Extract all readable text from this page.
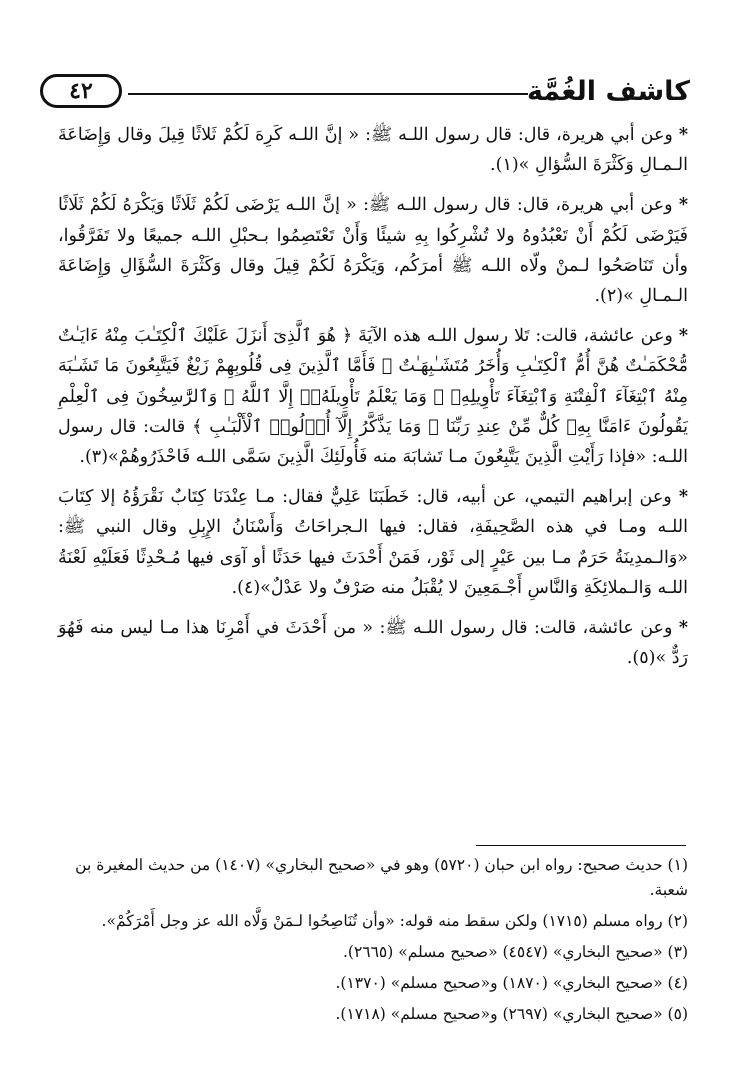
٤٢	كاشف الغُمَّة

* وعن أبي هريرة، قال: قال رسول اللـه ﷺ: « إنَّ اللـه كَرِهَ لَكُمْ ثَلاثًا قِيلَ وقال وَإِضَاعَةَ الـمـالِ وَكَثْرَةَ السُّؤالِ »(١).

* وعن أبي هريرة، قال: قال رسول اللـه ﷺ: « إنَّ اللـه يَرْضَى لَكُمْ ثَلَاثًا وَيَكْرَهُ لَكُمْ ثَلَاثًا فَيَرْضَى لَكُمْ أَنْ تَعْبُدُوهُ ولا تُشْرِكُوا بِهِ شيئًا وَأَنْ تَعْتَصِمُوا بـحبْلِ اللـه جميعًا ولا تَفَرَّقُوا، وأن تَنَاصَحُوا لـمنْ ولّاه اللـه ﷺ أمرَكُم، وَيَكْرَهُ لَكُمْ قِيلَ وقال وَكَثْرَةَ السُّؤَالِ وَإِضَاعَةَ الـمـالِ »(٢).

* وعن عائشة، قالت: تَلا رسول اللـه هذه الآيَةَ ﴿ هُوَ ٱلَّذِىٓ أَنزَلَ عَلَيْكَ ٱلْكِتَـٰبَ مِنْهُ ءَايَـٰتٌ مُّحْكَمَـٰتٌ هُنَّ أُمُّ ٱلْكِتَـٰبِ وَأُخَرُ مُتَشَـٰبِهَـٰتٌ ۖ فَأَمَّا ٱلَّذِينَ فِى قُلُوبِهِمْ زَيْغٌ فَيَتَّبِعُونَ مَا تَشَـٰبَهَ مِنْهُ ٱبْتِغَآءَ ٱلْفِتْنَةِ وَٱبْتِغَآءَ تَأْوِيلِهِۦ ۗ وَمَا يَعْلَمُ تَأْوِيلَهُۥٓ إِلَّا ٱللَّهُ ۗ وَٱلرَّٰسِخُونَ فِى ٱلْعِلْمِ يَقُولُونَ ءَامَنَّا بِهِۦ كُلٌّ مِّنْ عِندِ رَبِّنَا ۗ وَمَا يَذَّكَّرُ إِلَّآ أُو۟لُوا۟ ٱلْأَلْبَـٰبِ ﴾ قالت: قال رسول اللـه: «فإذا رَأَيْتِ الَّذِينَ يَتَّبِعُونَ مـا تَشابَهَ منه فَأُولَئِكَ الَّذِينَ سَمَّى اللـه فَاحْذَرُوهُمْ»(٣).

* وعن إبراهيم التيمي، عن أبيه، قال: خَطَبَنَا عَلِيٌّ فقال: مـا عِنْدَنَا كِتَابٌ نَقْرَؤُهُ إلا كِتَابَ اللـه ومـا في هذه الصَّحِيفَةِ، فقال: فيها الـجراحَاتُ وَأَسْنَانُ الإِبِلِ وقال النبي ﷺ: «وَالـمدِينَةُ حَرَمٌ مـا بين عَيْرٍ إلى ثَوْر، فَمَنْ أَحْدَثَ فيها حَدَثًا أو آوَى فيها مُـحْدِثًا فَعَلَيْهِ لَعْنَةُ اللـه وَالـملائِكَةِ وَالنَّاسِ أَجْـمَعِينَ لا يُقْبَلُ منه صَرْفٌ ولا عَدْلٌ»(٤).

* وعن عائشة، قالت: قال رسول اللـه ﷺ: « من أَحْدَثَ في أَمْرِنَا هذا مـا ليس منه فَهُوَ رَدٌّ »(٥).

(١) حديث صحيح: رواه ابن حبان (٥٧٢٠) وهو في «صحيح البخاري» (١٤٠٧) من حديث المغيرة بن شعبة.

(٢) رواه مسلم (١٧١٥) ولكن سقط منه قوله: «وأن تُنَاصِحُوا لـمَنْ وَلَّاه الله عز وجل أَمْرَكُمْ».

(٣) «صحيح البخاري» (٤٥٤٧) «صحيح مسلم» (٢٦٦٥).

(٤) «صحيح البخاري» (١٨٧٠) و«صحيح مسلم» (١٣٧٠).

(٥) «صحيح البخاري» (٢٦٩٧) و«صحيح مسلم» (١٧١٨).
